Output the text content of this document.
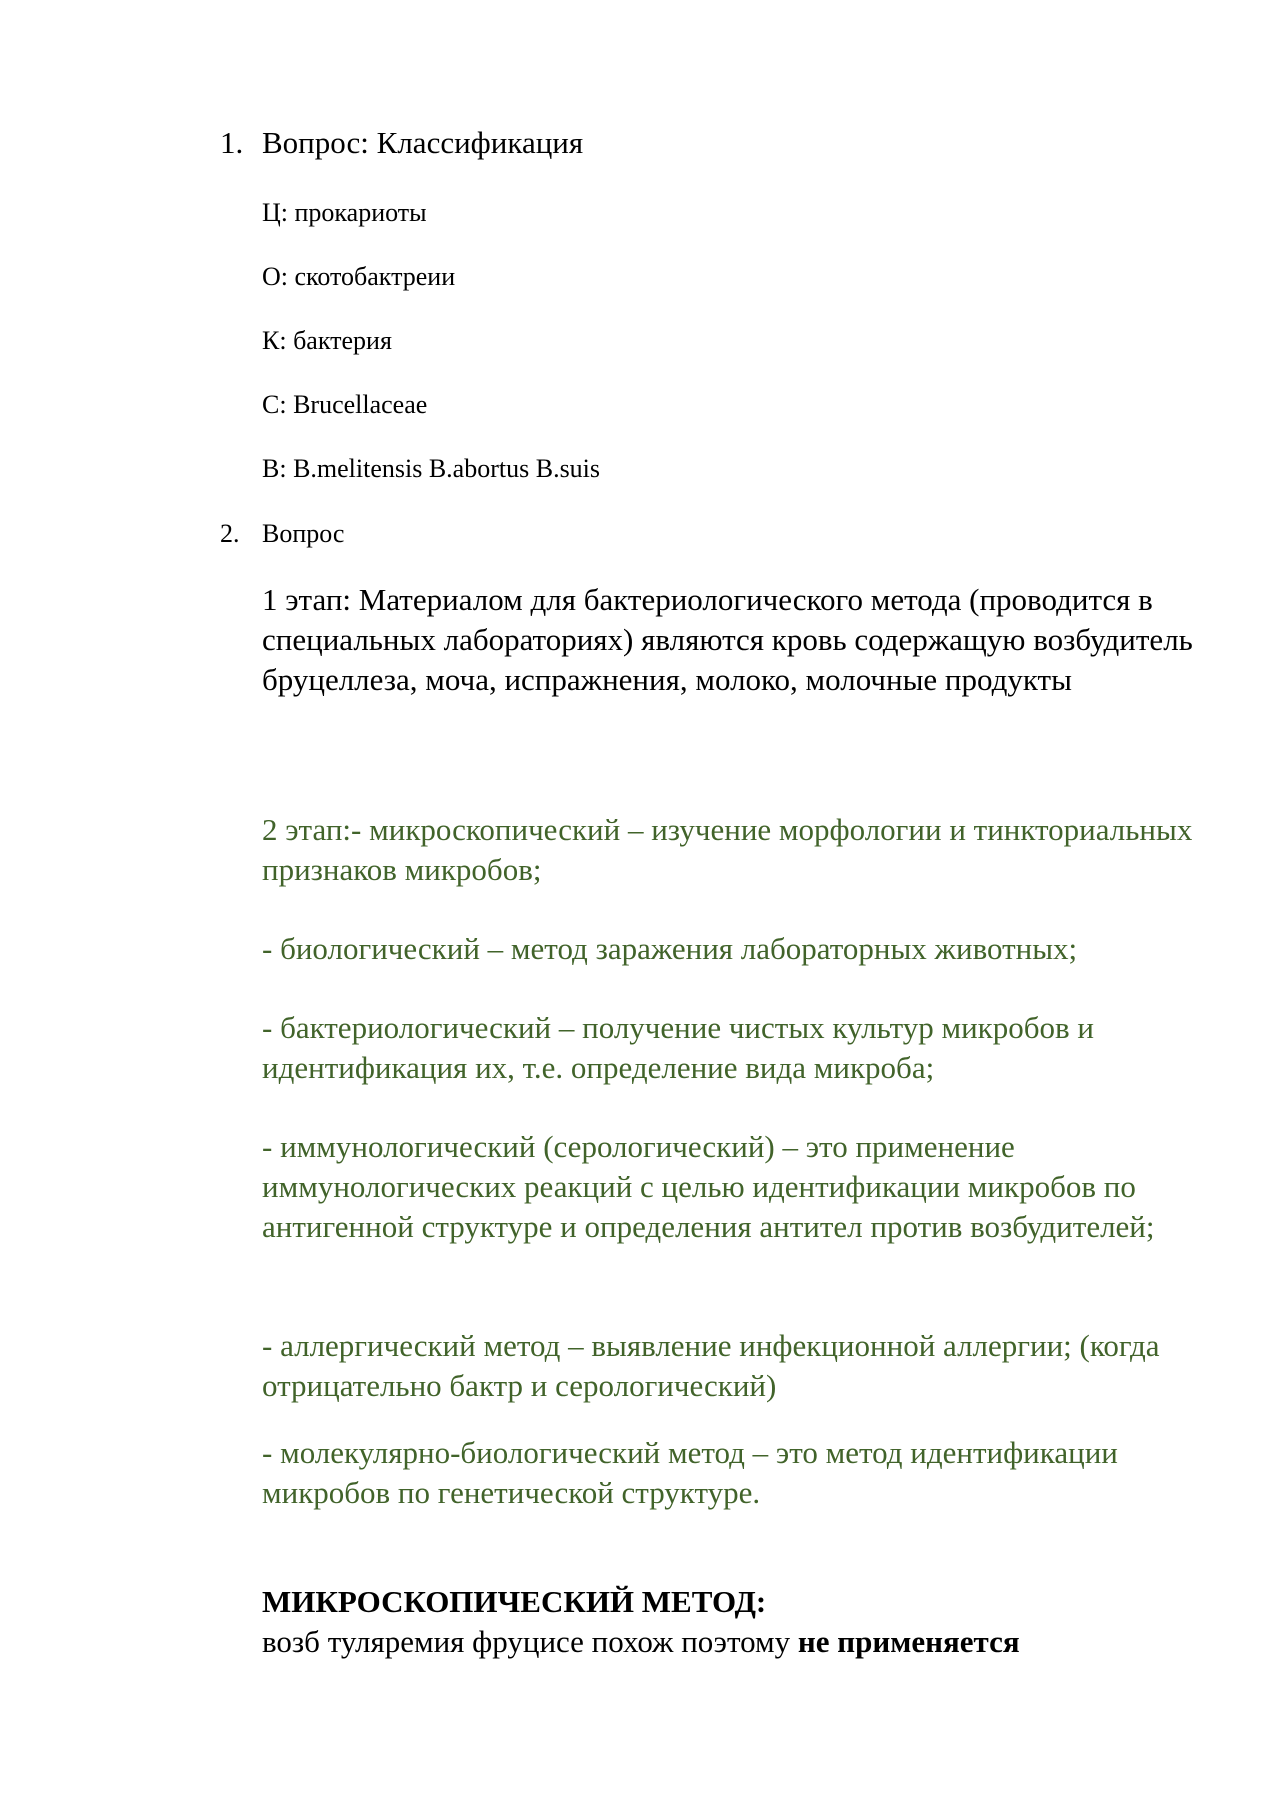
1. Вопрос: Классификация
Ц: прокариоты
О: скотобактреии
К: бактерия
С: Brucellaceae
В: B.melitensis B.abortus B.suis
2. Вопрос
1 этап: Материалом для бактериологического метода (проводится в специальных лабораториях) являются кровь содержащую возбудитель бруцеллеза, моча, испражнения, молоко, молочные продукты
2 этап:- микроскопический – изучение морфологии и тинкториальных признаков микробов;
- биологический – метод заражения лабораторных животных;
- бактериологический – получение чистых культур микробов и идентификация их, т.е. определение вида микроба;
- иммунологический (серологический) – это применение иммунологических реакций с целью идентификации микробов по антигенной структуре и определения антител против возбудителей;
- аллергический метод – выявление инфекционной аллергии; (когда отрицательно бактр и серологический)
- молекулярно-биологический метод – это метод идентификации микробов по генетической структуре.
МИКРОСКОПИЧЕСКИЙ МЕТОД:
возб туляремия фруцисе похож поэтому не применяется
